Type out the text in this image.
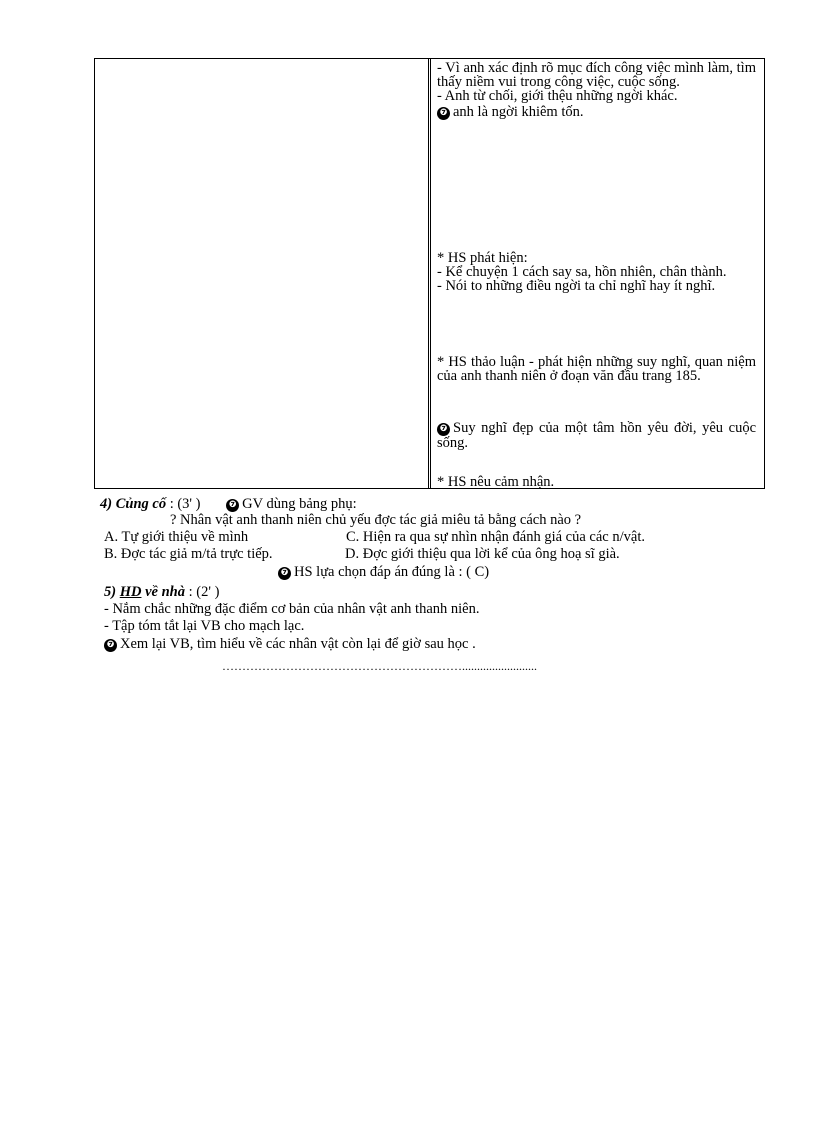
- Vì anh xác định rõ mục đích công việc mình làm, tìm thấy niềm vui trong công việc, cuộc sống.

- Anh từ chối, giới thệu những ngời khác.

❼ anh là ngời khiêm tốn.

* HS phát hiện:

- Kể chuyện 1 cách say sa, hồn nhiên, chân thành.

- Nói to những điều ngời ta chỉ nghĩ hay ít nghĩ.

* HS thảo luận - phát hiện những suy nghĩ, quan niệm của anh thanh niên ở đoạn văn đầu trang 185.

❼ Suy nghĩ đẹp của một tâm hồn yêu đời, yêu cuộc sống.

* HS nêu cảm nhận.

4) Củng cố : (3' )	❼ GV dùng bảng phụ:
? Nhân vật anh thanh niên chủ yếu đợc tác giả miêu tả bằng cách nào ?
A. Tự giới thiệu về mình	C. Hiện ra qua sự nhìn nhận đánh giá của các n/vật.
B. Đợc tác giả m/tả trực tiếp.	D. Đợc giới thiệu qua lời kể của ông hoạ sĩ già.
❼ HS lựa chọn đáp án đúng là : ( C)
5) HD về nhà : (2' )
- Nắm chắc những đặc điểm cơ bản của nhân vật anh thanh niên.
- Tập tóm tắt lại VB cho mạch lạc.
❼ Xem lại VB, tìm hiểu về các nhân vật còn lại để giờ sau học .
…………………………………………………….........................
